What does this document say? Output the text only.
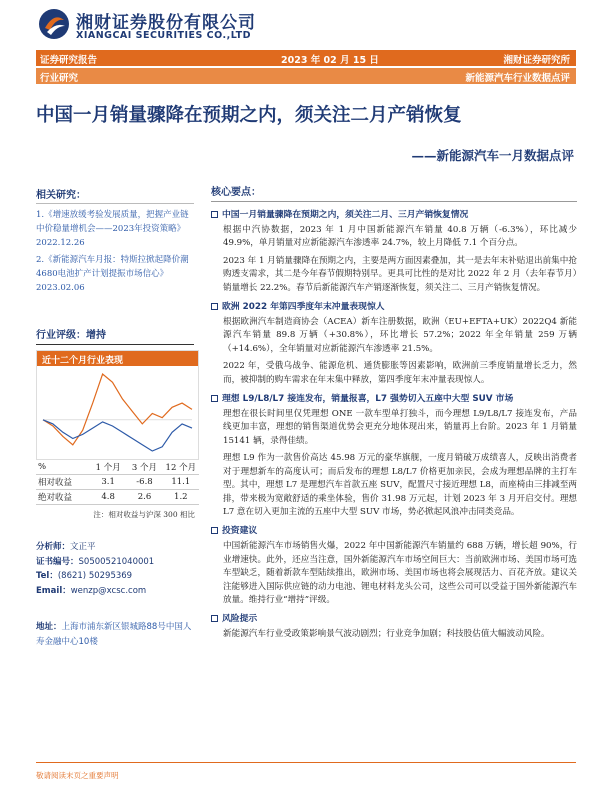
湘财证券股份有限公司
XIANGCAI SECURITIES CO.,LTD
证券研究报告	2023 年 02 月 15 日	湘财证券研究所
行业研究	新能源汽车行业数据点评
中国一月销量骤降在预期之内，须关注二月产销恢复
——新能源汽车一月数据点评
相关研究：
1.《增速放缓考验发展质量，把握产业链中价稳量增机会——2023年投资策略》2022.12.26
2.《新能源汽车月报：特斯拉掀起降价潮 4680电池扩产计划提振市场信心》2023.02.06
行业评级：增持
近十二个月行业表现
%	1 个月	3 个月	12 个月
相对收益	3.1	-6.8	11.1
绝对收益	4.8	2.6	1.2
注：相对收益与沪深 300 相比
分析师：文正平
证书编号：S0500521040001
Tel：(8621) 50295369
Email：wenzp@xcsc.com
地址：上海市浦东新区银城路88号中国人寿金融中心10楼
核心要点：
中国一月销量骤降在预期之内，须关注二月、三月产销恢复情况
根据中汽协数据，2023 年 1 月中国新能源汽车销量 40.8 万辆（-6.3%），环比减少 49.9%，单月销量对应新能源汽车渗透率 24.7%，较上月降低 7.1 个百分点。
2023 年 1 月销量骤降在预期之内，主要是两方面因素叠加，其一是去年末补贴退出前集中抢购透支需求，其二是今年春节假期特别早。更具可比性的是对比 2022 年 2 月（去年春节月）销量增长 22.2%。春节后新能源汽车产销逐渐恢复，须关注二、三月产销恢复情况。
欧洲 2022 年第四季度年末冲量表现惊人
根据欧洲汽车制造商协会（ACEA）新车注册数据，欧洲（EU+EFTA+UK）2022Q4 新能源汽车销量 89.8 万辆（+30.8%），环比增长 57.2%；2022 年全年销量 259 万辆（+14.6%），全年销量对应新能源汽车渗透率 21.5%。
2022 年，受俄乌战争、能源危机、通货膨胀等因素影响，欧洲前三季度销量增长乏力，然而，被抑制的购车需求在年末集中释放，第四季度年末冲量表现惊人。
理想 L9/L8/L7 接连发布，销量报喜，L7 强势切入五座中大型 SUV 市场
理想在很长时间里仅凭理想 ONE 一款车型单打独斗，而今理想 L9/L8/L7 接连发布，产品线更加丰富，理想的销售渠道优势会更充分地体现出来，销量再上台阶。2023 年 1 月销量 15141 辆，录得佳绩。
理想 L9 作为一款售价高达 45.98 万元的豪华旗舰，一度月销破万成绩喜人，反映出消费者对于理想新车的高度认可；而后发布的理想 L8/L7 价格更加亲民，会成为理想品牌的主打车型。其中，理想 L7 是理想汽车首款五座 SUV，配置尺寸接近理想 L8，而座椅由三排减至两排，带来极为宽敞舒适的乘坐体验，售价 31.98 万元起，计划 2023 年 3 月开启交付。理想 L7 意在切入更加主流的五座中大型 SUV 市场，势必掀起风浪冲击同类竞品。
投资建议
中国新能源汽车市场销售火爆，2022 年中国新能源汽车销量约 688 万辆，增长超 90%，行业增速快。此外，还应当注意，国外新能源汽车市场空间巨大：当前欧洲市场、美国市场可选车型缺乏，随着新款车型陆续推出，欧洲市场、美国市场也将会展现活力、百花齐放。建议关注能够进入国际供应链的动力电池、锂电材料龙头公司，这些公司可以受益于国外新能源汽车放量。维持行业“增持”评级。
风险提示
新能源汽车行业受政策影响景气波动剧烈；行业竞争加剧；科技股估值大幅波动风险。
敬请阅读末页之重要声明
